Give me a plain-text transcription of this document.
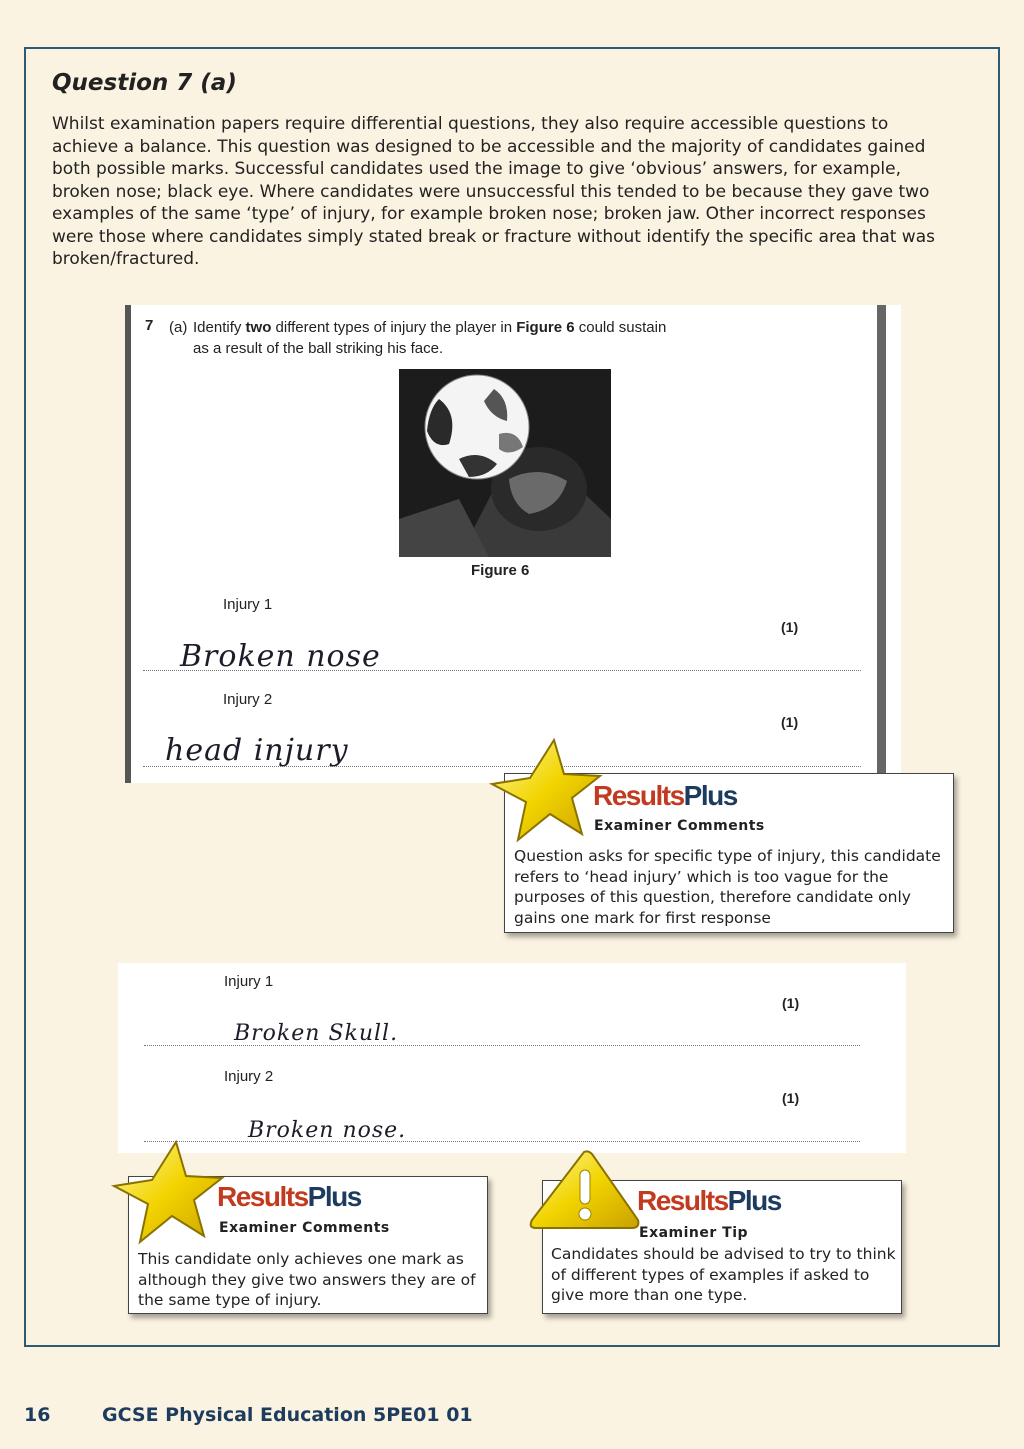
Question 7 (a)

Whilst examination papers require differential questions, they also require accessible questions to achieve a balance. This question was designed to be accessible and the majority of candidates gained both possible marks. Successful candidates used the image to give ‘obvious’ answers, for example, broken nose; black eye. Where candidates were unsuccessful this tended to be because they gave two examples of the same ‘type’ of injury, for example broken nose; broken jaw. Other incorrect responses were those where candidates simply stated break or fracture without identify the specific area that was broken/fractured.

7 (a) Identify two different types of injury the player in Figure 6 could sustain
as a result of the ball striking his face.

Figure 6
Injury 1
(1)

Broken nose

Injury 2
(1)

head injury

ResultsPlus

Examiner Comments

Question asks for specific type of injury, this candidate refers to ‘head injury’ which is too vague for the purposes of this question, therefore candidate only gains one mark for first response

Injury 1
(1)

Broken Skull.

Injury 2
(1)

Broken nose.

ResultsPlus

Examiner Comments

This candidate only achieves one mark as although they give two answers they are of the same type of injury.

ResultsPlus

Examiner Tip

Candidates should be advised to try to think of different types of examples if asked to give more than one type.

16	GCSE Physical Education 5PE01 01
